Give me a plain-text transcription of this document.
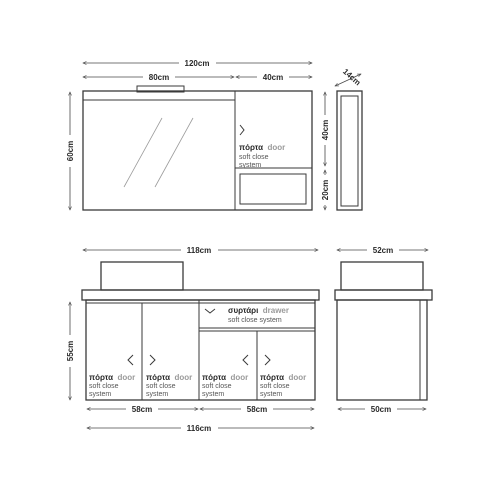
πόρτα door
soft close
system
120cm
80cm	40cm
60cm
40cm
20cm
14cm
συρτάρι drawer
soft close system
πόρτα door
soft close
system
πόρτα door
soft close
system
πόρτα door
soft close
system
πόρτα door
soft close
system
118cm
55cm
58cm	58cm
116cm
52cm
50cm
